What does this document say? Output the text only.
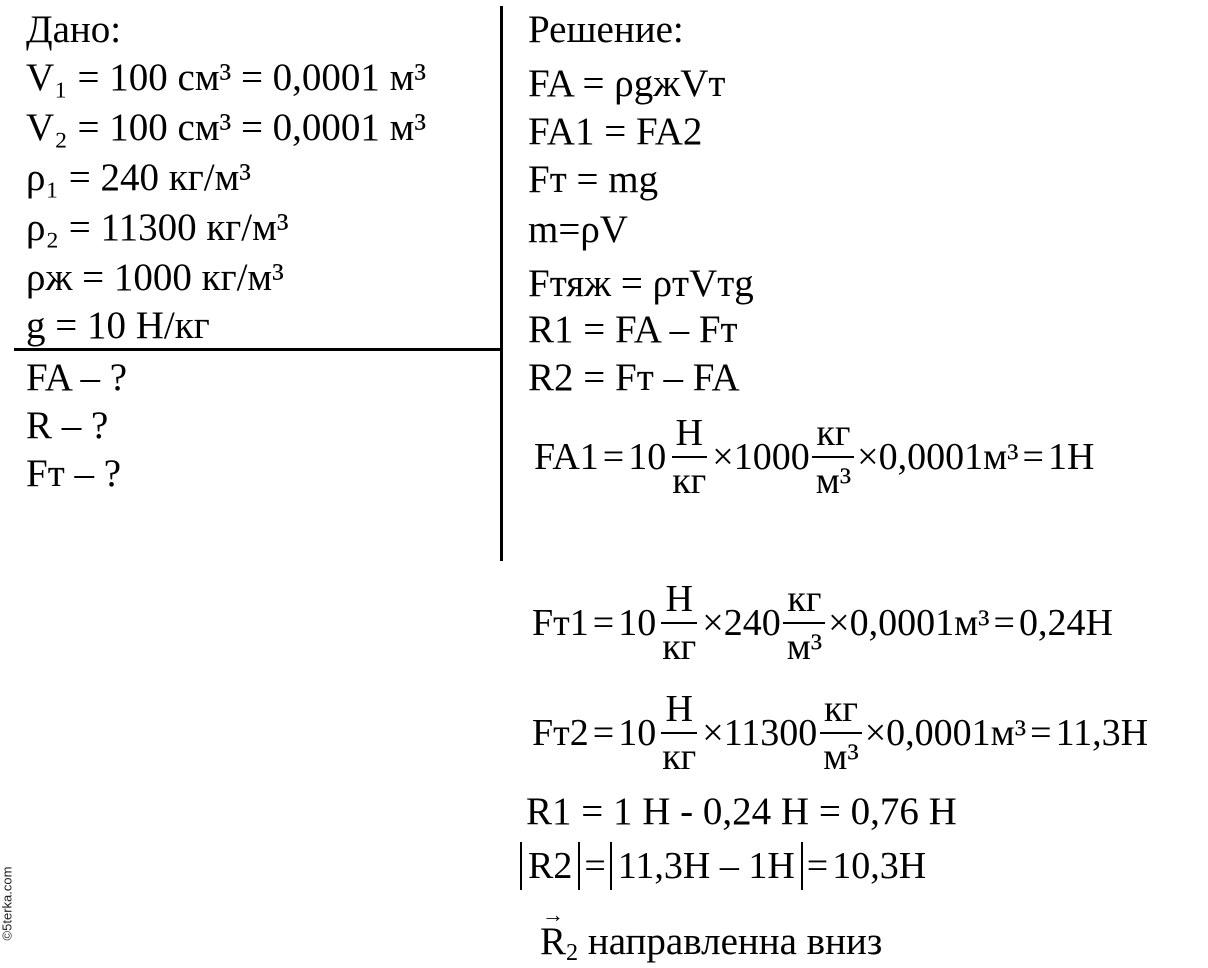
Дано:
V₁ = 100 см³ = 0,0001 м³
V₂ = 100 см³ = 0,0001 м³
ρ₁ = 240 кг/м³
ρ₂ = 11300 кг/м³
ρж = 1000 кг/м³
g = 10 Н/кг
FA – ?
R – ?
Fт – ?
Решение:
FA = ρgжVт
FA1 = FA2
Fт = mg
m=ρV
Fтяж = ρтVтg
R1 = FA – Fт
R2 = Fт – FA
$FA1 = 10 \frac{Н}{кг} \times 1000 \frac{кг}{\text{м³}} \times 0,0001м^3 = 1Н$
$Fт1 = 10 \frac{Н}{кг} \times 240 \frac{кг}{\text{м³}} \times 0,0001м^3 = 0,24Н$
$Fт2 = 10 \frac{Н}{кг} \times 11300 \frac{кг}{\text{м³}} \times 0,0001м^3 = 11,3Н$
R1 = 1 Н - 0,24 Н = 0,76 Н
R2 = 11,3Н – 1Н = 10,3Н
→
$R_2$ направленна вниз
©5terka.com
